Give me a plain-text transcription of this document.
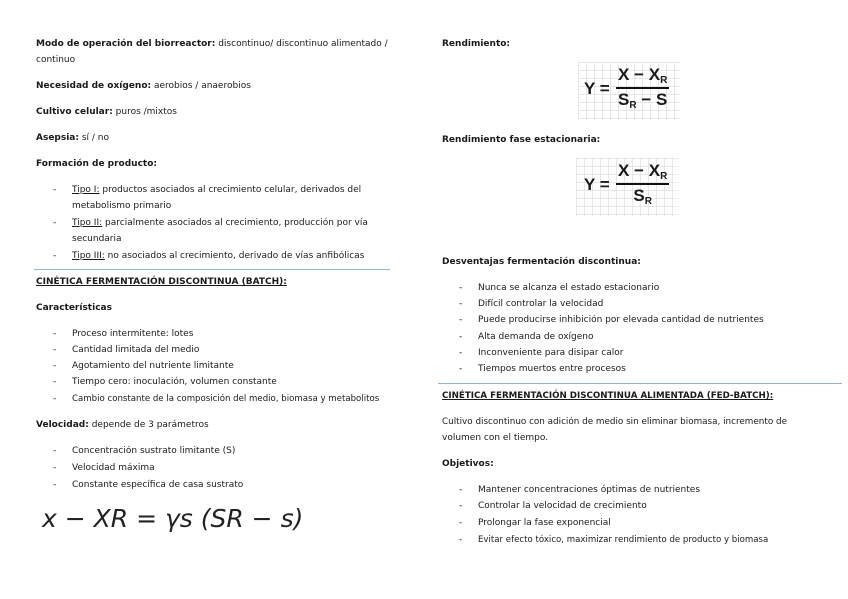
Modo de operación del biorreactor: discontinuo/ discontinuo alimentado /
continuo
Necesidad de oxígeno: aerobios / anaerobios
Cultivo celular: puros /mixtos
Asepsia: sí / no
Formación de producto:
- Tipo I: productos asociados al crecimiento celular, derivados del
metabolismo primario
- Tipo II: parcialmente asociados al crecimiento, producción por vía
secundaria
- Tipo III: no asociados al crecimiento, derivado de vías anfibólicas
CINÉTICA FERMENTACIÓN DISCONTINUA (BATCH):
Características
- Proceso intermitente: lotes
- Cantidad limitada del medio
- Agotamiento del nutriente limitante
- Tiempo cero: inoculación, volumen constante
- Cambio constante de la composición del medio, biomasa y metabolitos
Velocidad: depende de 3 parámetros
- Concentración sustrato limitante (S)
- Velocidad máxima
- Constante específica de casa sustrato
x − XR = γs (SR − s)
Rendimiento:
Y =
$X - X_R$
$S_R - S$
Rendimiento fase estacionaria:
Y =
$X - X_R$
$S_R$
Desventajas fermentación discontinua:
- Nunca se alcanza el estado estacionario
- Difícil controlar la velocidad
- Puede producirse inhibición por elevada cantidad de nutrientes
- Alta demanda de oxígeno
- Inconveniente para disipar calor
- Tiempos muertos entre procesos
CINÉTICA FERMENTACIÓN DISCONTINUA ALIMENTADA (FED-BATCH):
Cultivo discontinuo con adición de medio sin eliminar biomasa, incremento de
volumen con el tiempo.
Objetivos:
- Mantener concentraciones óptimas de nutrientes
- Controlar la velocidad de crecimiento
- Prolongar la fase exponencial
- Evitar efecto tóxico, maximizar rendimiento de producto y biomasa
